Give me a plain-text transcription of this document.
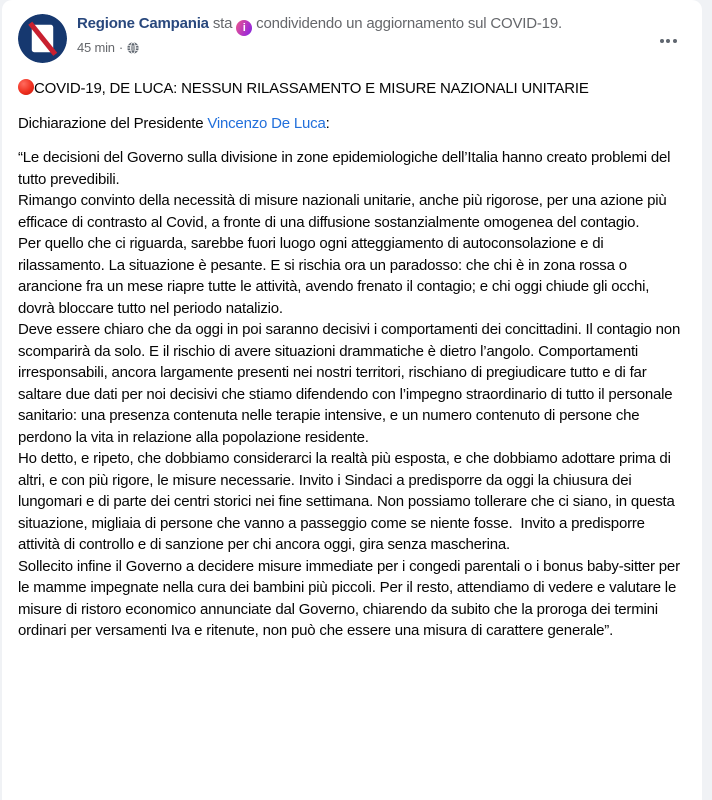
Regione Campania sta i condividendo un aggiornamento sul COVID-19.
45 min ·

COVID-19, DE LUCA: NESSUN RILASSAMENTO E MISURE NAZIONALI UNITARIE

Dichiarazione del Presidente Vincenzo De Luca:

“Le decisioni del Governo sulla divisione in zone epidemiologiche dell’Italia hanno creato problemi del tutto prevedibili.
Rimango convinto della necessità di misure nazionali unitarie, anche più rigorose, per una azione più efficace di contrasto al Covid, a fronte di una diffusione sostanzialmente omogenea del contagio.
Per quello che ci riguarda, sarebbe fuori luogo ogni atteggiamento di autoconsolazione e di rilassamento. La situazione è pesante. E si rischia ora un paradosso: che chi è in zona rossa o arancione fra un mese riapre tutte le attività, avendo frenato il contagio; e chi oggi chiude gli occhi, dovrà bloccare tutto nel periodo natalizio.
Deve essere chiaro che da oggi in poi saranno decisivi i comportamenti dei concittadini. Il contagio non scomparirà da solo. E il rischio di avere situazioni drammatiche è dietro l’angolo. Comportamenti irresponsabili, ancora largamente presenti nei nostri territori, rischiano di pregiudicare tutto e di far saltare due dati per noi decisivi che stiamo difendendo con l’impegno straordinario di tutto il personale sanitario: una presenza contenuta nelle terapie intensive, e un numero contenuto di persone che perdono la vita in relazione alla popolazione residente.
Ho detto, e ripeto, che dobbiamo considerarci la realtà più esposta, e che dobbiamo adottare prima di altri, e con più rigore, le misure necessarie. Invito i Sindaci a predisporre da oggi la chiusura dei lungomari e di parte dei centri storici nei fine settimana. Non possiamo tollerare che ci siano, in questa situazione, migliaia di persone che vanno a passeggio come se niente fosse.  Invito a predisporre attività di controllo e di sanzione per chi ancora oggi, gira senza mascherina.
Sollecito infine il Governo a decidere misure immediate per i congedi parentali o i bonus baby-sitter per le mamme impegnate nella cura dei bambini più piccoli. Per il resto, attendiamo di vedere e valutare le misure di ristoro economico annunciate dal Governo, chiarendo da subito che la proroga dei termini ordinari per versamenti Iva e ritenute, non può che essere una misura di carattere generale”.
